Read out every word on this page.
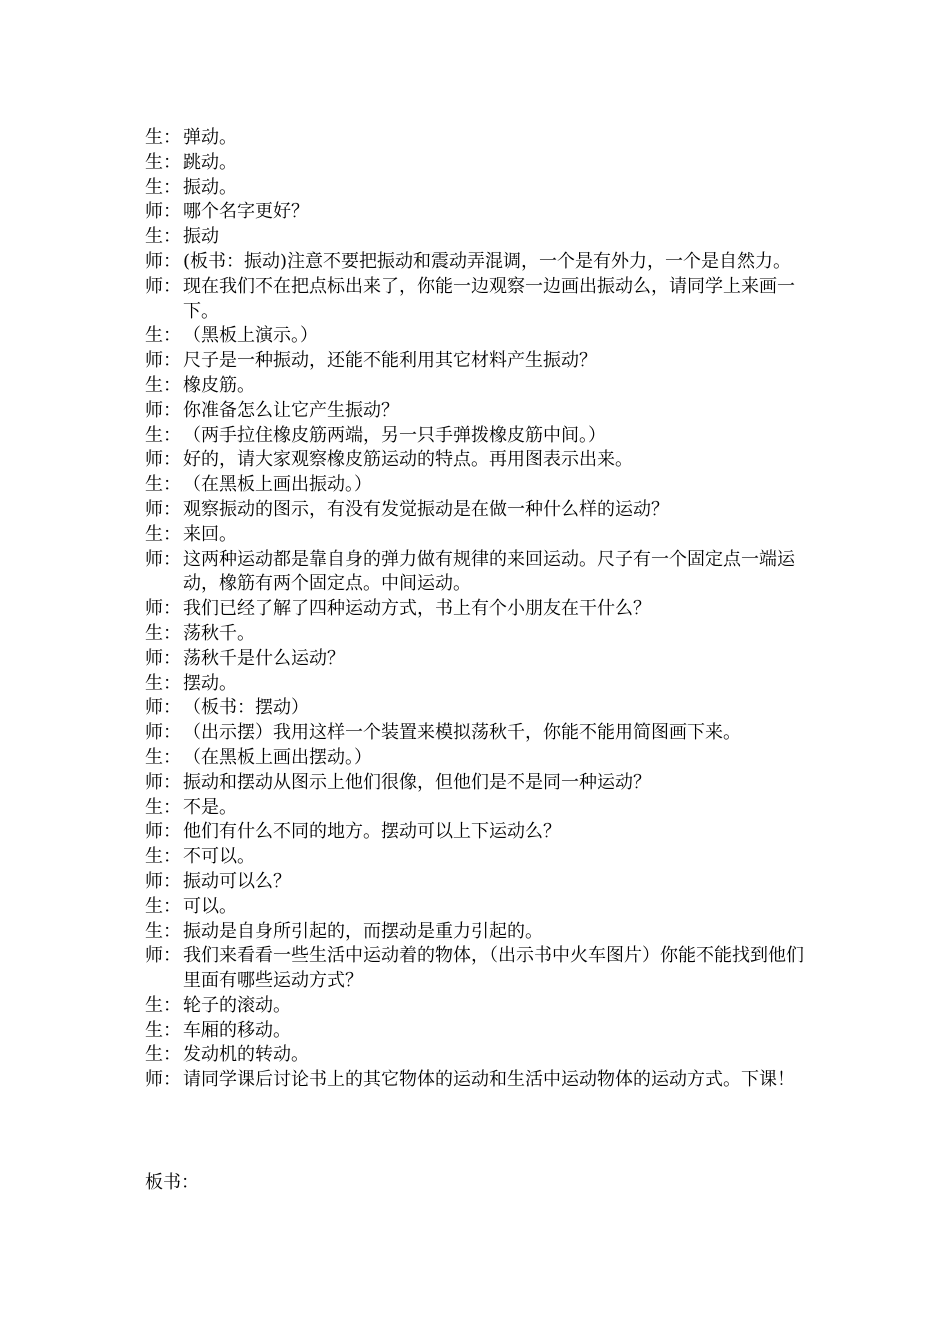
生： 弹动。
生： 跳动。
生： 振动。
师： 哪个名字更好？
生： 振动
师： (板书：振动)注意不要把振动和震动弄混调，一个是有外力，一个是自然力。
师： 现在我们不在把点标出来了，你能一边观察一边画出振动么，请同学上来画一下。
生： （黑板上演示。）
师： 尺子是一种振动，还能不能利用其它材料产生振动？
生： 橡皮筋。
师： 你准备怎么让它产生振动？
生： （两手拉住橡皮筋两端，另一只手弹拨橡皮筋中间。）
师： 好的，请大家观察橡皮筋运动的特点。再用图表示出来。
生： （在黑板上画出振动。）
师： 观察振动的图示，有没有发觉振动是在做一种什么样的运动？
生： 来回。
师： 这两种运动都是靠自身的弹力做有规律的来回运动。尺子有一个固定点一端运动，橡筋有两个固定点。中间运动。
师： 我们已经了解了四种运动方式，书上有个小朋友在干什么？
生： 荡秋千。
师： 荡秋千是什么运动？
生： 摆动。
师： （板书：摆动）
师： （出示摆）我用这样一个装置来模拟荡秋千，你能不能用简图画下来。
生： （在黑板上画出摆动。）
师： 振动和摆动从图示上他们很像，但他们是不是同一种运动？
生： 不是。
师： 他们有什么不同的地方。摆动可以上下运动么？
生： 不可以。
师： 振动可以么？
生： 可以。
生： 振动是自身所引起的，而摆动是重力引起的。
师： 我们来看看一些生活中运动着的物体，（出示书中火车图片）你能不能找到他们里面有哪些运动方式？
生： 轮子的滚动。
生： 车厢的移动。
生： 发动机的转动。
师： 请同学课后讨论书上的其它物体的运动和生活中运动物体的运动方式。下课！
板书：
